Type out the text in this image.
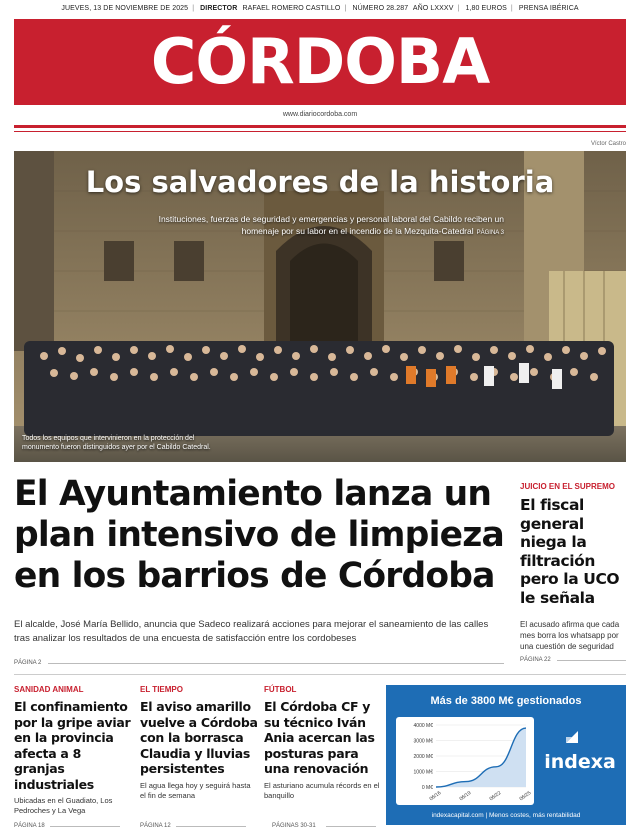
JUEVES, 13 DE NOVIEMBRE DE 2025 | DIRECTOR RAFAEL ROMERO CASTILLO | NÚMERO 28.287 AÑO LXXXV | 1,80 EUROS | PRENSA IBÉRICA
CÓRDOBA
www.diariocordoba.com
Víctor Castro
Los salvadores de la historia
Instituciones, fuerzas de seguridad y emergencias y personal laboral del Cabildo reciben un homenaje por su labor en el incendio de la Mezquita-Catedral PÁGINA 3
Todos los equipos que intervinieron en la protección del monumento fueron distinguidos ayer por el Cabildo Catedral.
El Ayuntamiento lanza un plan intensivo de limpieza en los barrios de Córdoba
El alcalde, José María Bellido, anuncia que Sadeco realizará acciones para mejorar el saneamiento de las calles tras analizar los resultados de una encuesta de satisfacción entre los cordobeses
PÁGINA 2
JUICIO EN EL SUPREMO
El fiscal general niega la filtración pero la UCO le señala
El acusado afirma que cada mes borra los whatsapp por una cuestión de seguridad
PÁGINA 22
SANIDAD ANIMAL
El confinamiento por la gripe aviar en la provincia afecta a 8 granjas industriales
Ubicadas en el Guadiato, Los Pedroches y La Vega
PÁGINA 18
EL TIEMPO
El aviso amarillo vuelve a Córdoba con la borrasca Claudia y lluvias persistentes
El agua llega hoy y seguirá hasta el fin de semana
PÁGINA 12
FÚTBOL
El Córdoba CF y su técnico Iván Ania acercan las posturas para una renovación
El asturiano acumula récords en el banquillo
PÁGINAS 30-31
Más de 3800 M€ gestionados
4000 M€
3000 M€
2000 M€
1000 M€
0 M€
06/16	06/19	06/22	06/25
indexa
indexacapital.com | Menos costes, más rentabilidad
